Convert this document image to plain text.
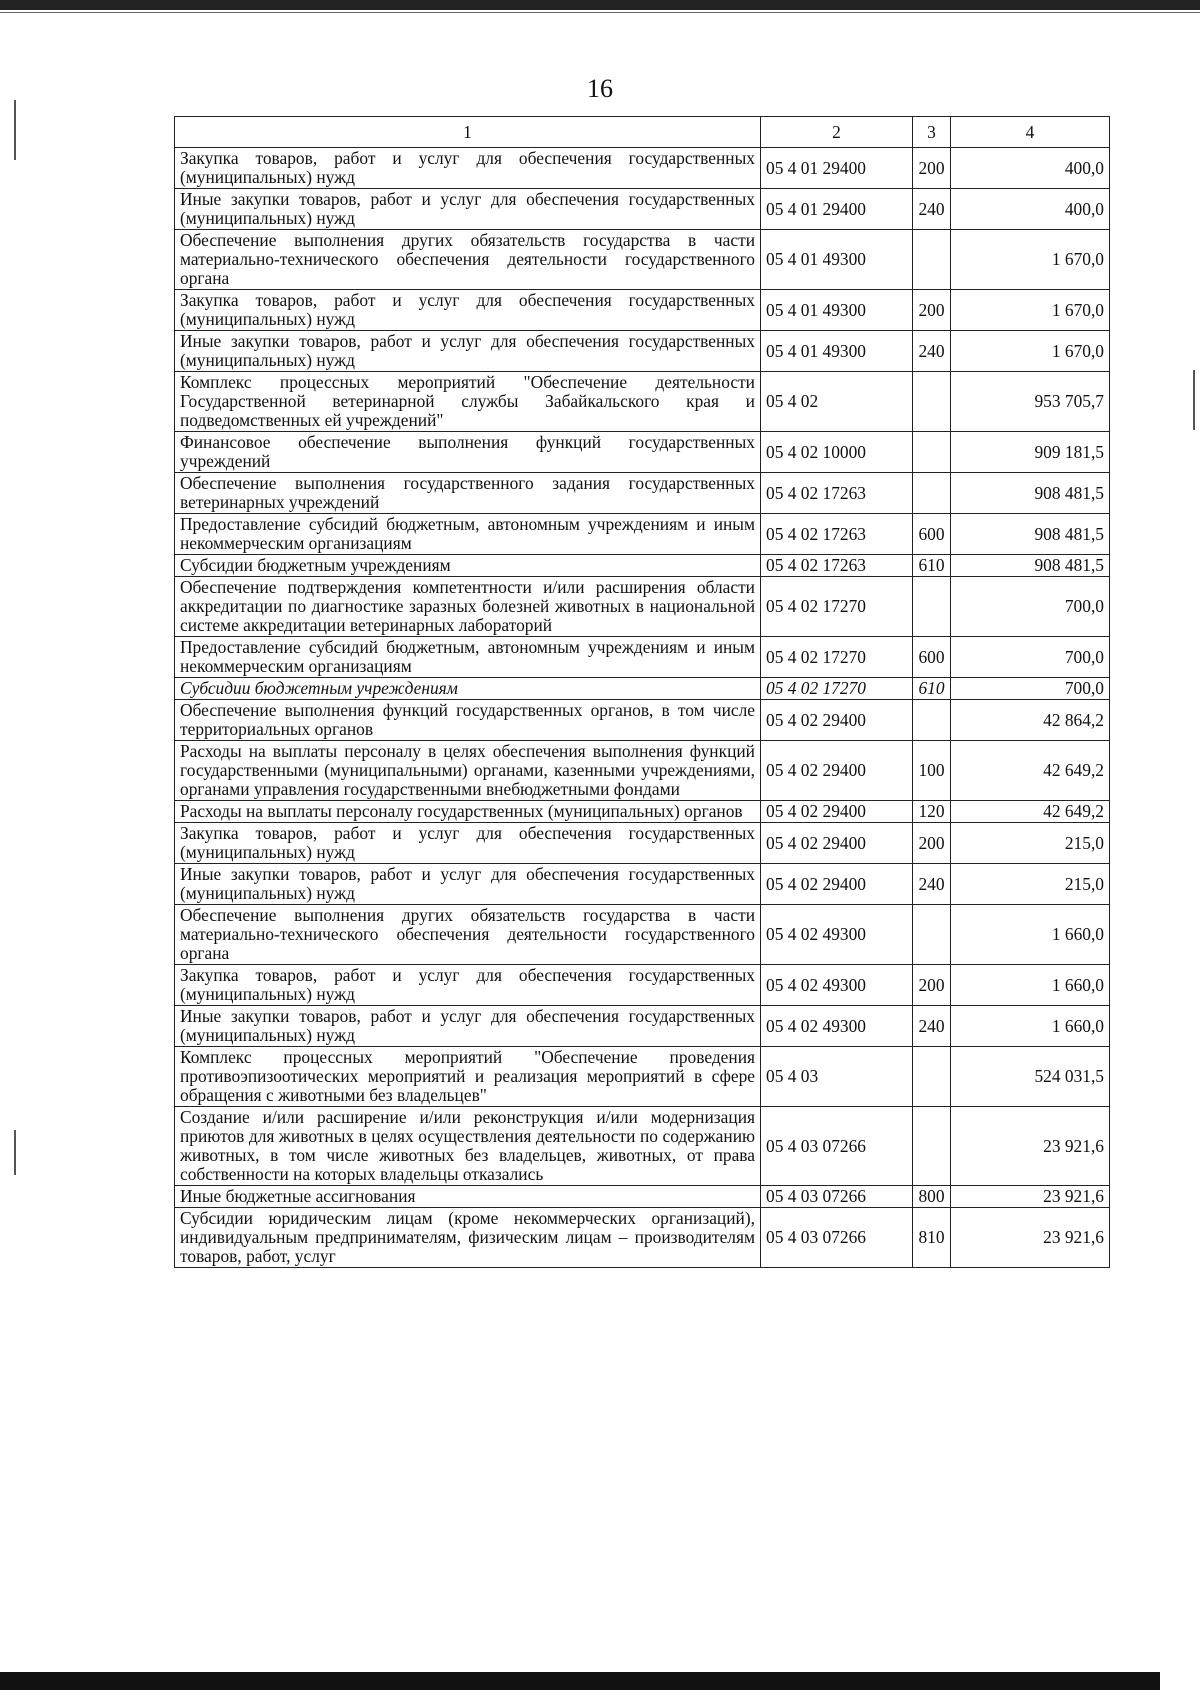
16
1	2	3	4
Закупка товаров, работ и услуг для обеспечения государственных (муниципальных) нужд	05 4 01 29400	200	400,0
Иные закупки товаров, работ и услуг для обеспечения государственных (муниципальных) нужд	05 4 01 29400	240	400,0
Обеспечение выполнения других обязательств государства в части материально-технического обеспечения деятельности государственного органа	05 4 01 49300		1 670,0
Закупка товаров, работ и услуг для обеспечения государственных (муниципальных) нужд	05 4 01 49300	200	1 670,0
Иные закупки товаров, работ и услуг для обеспечения государственных (муниципальных) нужд	05 4 01 49300	240	1 670,0
Комплекс процессных мероприятий "Обеспечение деятельности Государственной ветеринарной службы Забайкальского края и подведомственных ей учреждений"	05 4 02		953 705,7
Финансовое обеспечение выполнения функций государственных учреждений	05 4 02 10000		909 181,5
Обеспечение выполнения государственного задания государственных ветеринарных учреждений	05 4 02 17263		908 481,5
Предоставление субсидий бюджетным, автономным учреждениям и иным некоммерческим организациям	05 4 02 17263	600	908 481,5
Субсидии бюджетным учреждениям	05 4 02 17263	610	908 481,5
Обеспечение подтверждения компетентности и/или расширения области аккредитации по диагностике заразных болезней животных в национальной системе аккредитации ветеринарных лабораторий	05 4 02 17270		700,0
Предоставление субсидий бюджетным, автономным учреждениям и иным некоммерческим организациям	05 4 02 17270	600	700,0
Субсидии бюджетным учреждениям	05 4 02 17270	610	700,0
Обеспечение выполнения функций государственных органов, в том числе территориальных органов	05 4 02 29400		42 864,2
Расходы на выплаты персоналу в целях обеспечения выполнения функций государственными (муниципальными) органами, казенными учреждениями, органами управления государственными внебюджетными фондами	05 4 02 29400	100	42 649,2
Расходы на выплаты персоналу государственных (муниципальных) органов	05 4 02 29400	120	42 649,2
Закупка товаров, работ и услуг для обеспечения государственных (муниципальных) нужд	05 4 02 29400	200	215,0
Иные закупки товаров, работ и услуг для обеспечения государственных (муниципальных) нужд	05 4 02 29400	240	215,0
Обеспечение выполнения других обязательств государства в части материально-технического обеспечения деятельности государственного органа	05 4 02 49300		1 660,0
Закупка товаров, работ и услуг для обеспечения государственных (муниципальных) нужд	05 4 02 49300	200	1 660,0
Иные закупки товаров, работ и услуг для обеспечения государственных (муниципальных) нужд	05 4 02 49300	240	1 660,0
Комплекс процессных мероприятий "Обеспечение проведения противоэпизоотических мероприятий и реализация мероприятий в сфере обращения с животными без владельцев"	05 4 03		524 031,5
Создание и/или расширение и/или реконструкция и/или модернизация приютов для животных в целях осуществления деятельности по содержанию животных, в том числе животных без владельцев, животных, от права собственности на которых владельцы отказались	05 4 03 07266		23 921,6
Иные бюджетные ассигнования	05 4 03 07266	800	23 921,6
Субсидии юридическим лицам (кроме некоммерческих организаций), индивидуальным предпринимателям, физическим лицам – производителям товаров, работ, услуг	05 4 03 07266	810	23 921,6
